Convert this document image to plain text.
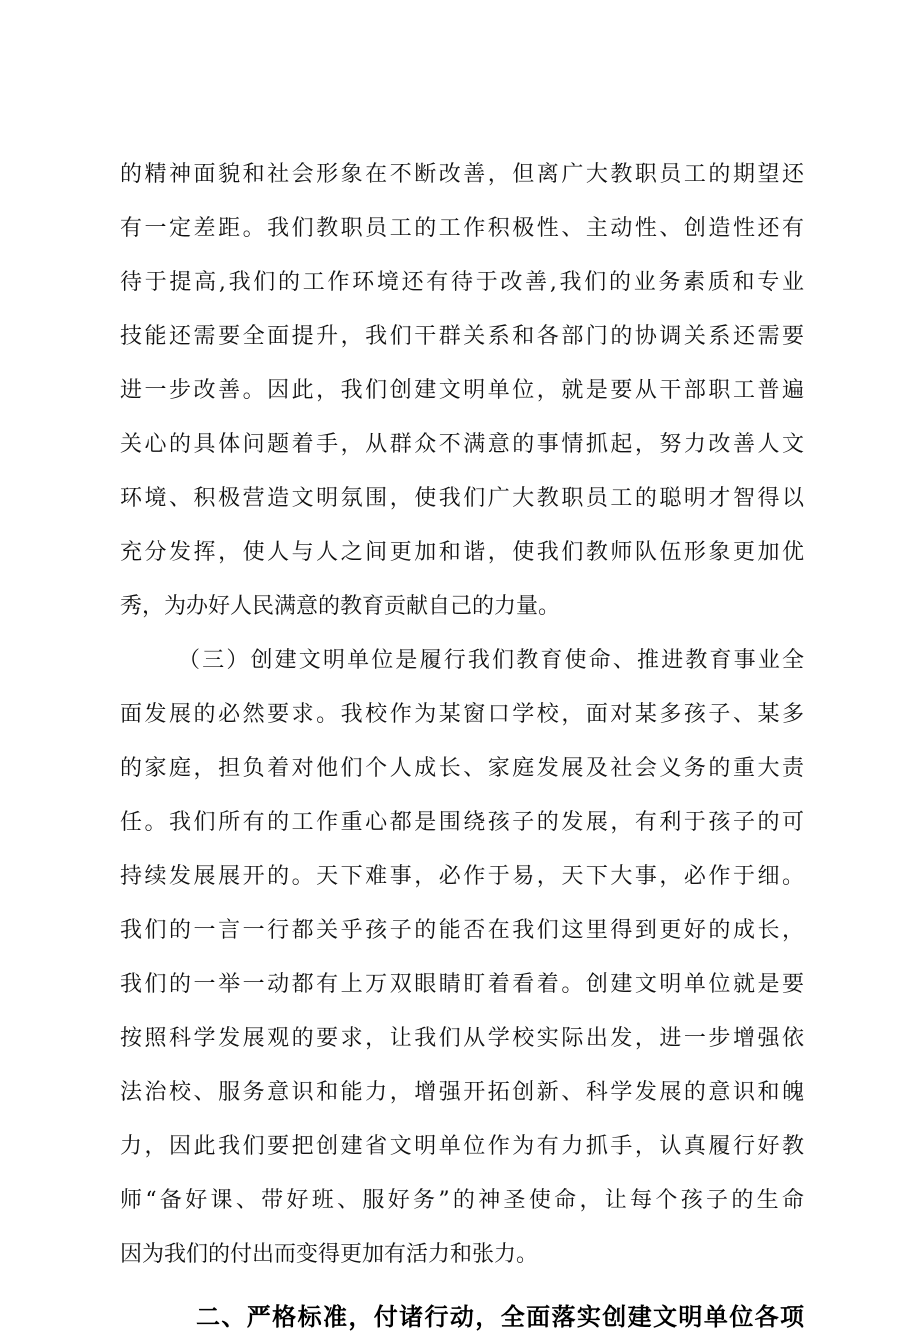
的精神面貌和社会形象在不断改善，但离广大教职员工的期望还
有一定差距。我们教职员工的工作积极性、主动性、创造性还有
待于提高,我们的工作环境还有待于改善,我们的业务素质和专业
技能还需要全面提升，我们干群关系和各部门的协调关系还需要
进一步改善。因此，我们创建文明单位，就是要从干部职工普遍
关心的具体问题着手，从群众不满意的事情抓起，努力改善人文
环境、积极营造文明氛围，使我们广大教职员工的聪明才智得以
充分发挥，使人与人之间更加和谐，使我们教师队伍形象更加优
秀，为办好人民满意的教育贡献自己的力量。
（三）创建文明单位是履行我们教育使命、推进教育事业全
面发展的必然要求。我校作为某窗口学校，面对某多孩子、某多
的家庭，担负着对他们个人成长、家庭发展及社会义务的重大责
任。我们所有的工作重心都是围绕孩子的发展，有利于孩子的可
持续发展展开的。天下难事，必作于易，天下大事，必作于细。
我们的一言一行都关乎孩子的能否在我们这里得到更好的成长，
我们的一举一动都有上万双眼睛盯着看着。创建文明单位就是要
按照科学发展观的要求，让我们从学校实际出发，进一步增强依
法治校、服务意识和能力，增强开拓创新、科学发展的意识和魄
力，因此我们要把创建省文明单位作为有力抓手，认真履行好教
师“备好课、带好班、服好务”的神圣使命，让每个孩子的生命
因为我们的付出而变得更加有活力和张力。
二、严格标准，付诸行动，全面落实创建文明单位各项
